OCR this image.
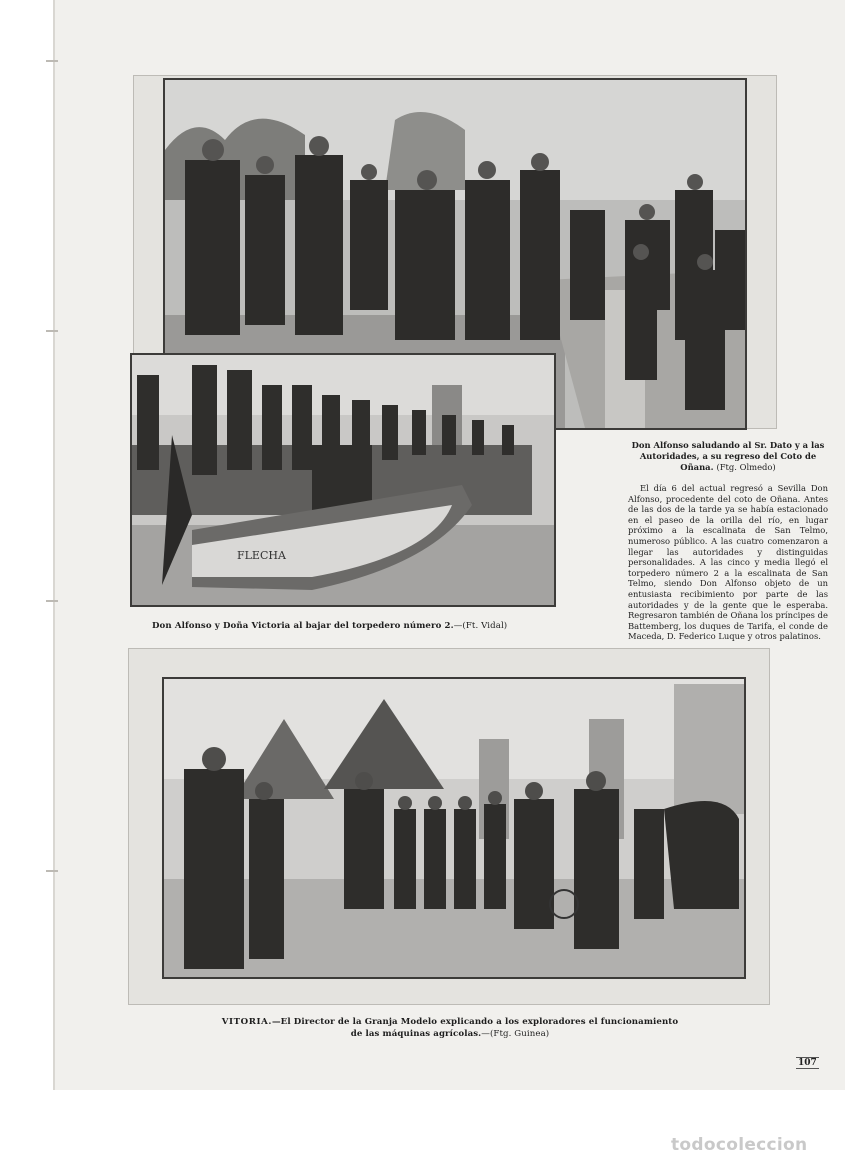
FLECHA

Don Alfonso saludando al Sr. Dato y a las Autoridades, a su regreso del Coto de Oñana. (Ftg. Olmedo)

El día 6 del actual regresó a Sevilla Don Alfonso, procedente del coto de Oñana. Antes de las dos de la tarde ya se había estacionado en el paseo de la orilla del río, en lugar próximo a la escalinata de San Telmo, numeroso público. A las cuatro comenzaron a llegar las autoridades y distinguidas personalidades. A las cinco y media llegó el torpedero número 2 a la escalinata de San Telmo, siendo Don Alfonso objeto de un entusiasta recibimiento por parte de las autoridades y de la gente que le esperaba. Regresaron también de Oñana los príncipes de Battemberg, los duques de Tarifa, el conde de Maceda, D. Federico Luque y otros palatinos.

Don Alfonso y Doña Victoria al bajar del torpedero número 2.—(Ft. Vidal)
VITORIA.—El Director de la Granja Modelo explicando a los exploradores el funcionamiento
de las máquinas agrícolas.—(Ftg. Guinea)
107
todocoleccion
